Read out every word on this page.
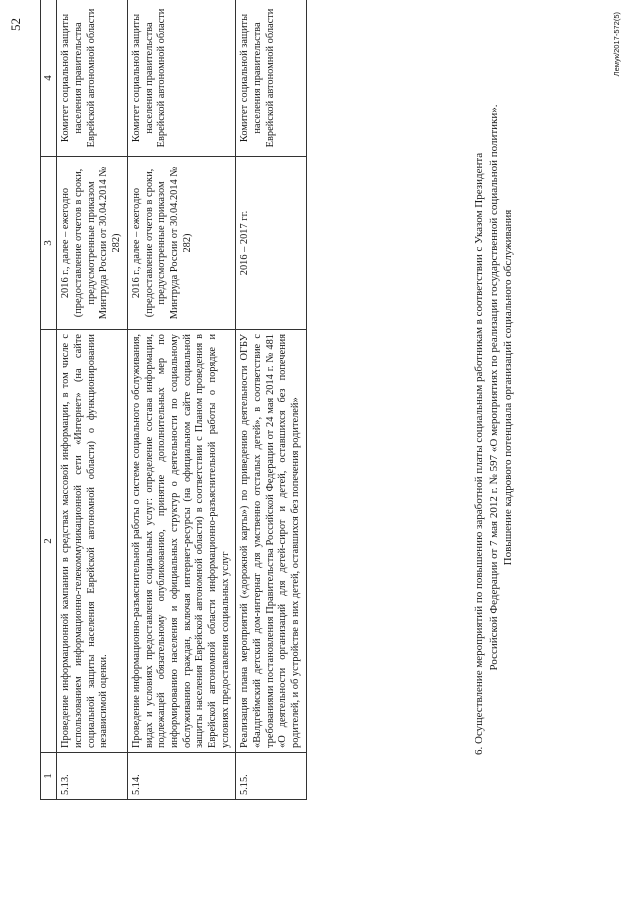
52
1	2	3	4
5.13.	Проведение информационной кампании в средствах массовой информации, в том числе с использованием информационно-телекоммуникационной сети «Интернет» (на сайте социальной защиты населения Еврейской автономной области) о функционировании независимой оценки.	2016 г., далее – ежегодно (предоставление отчетов в сроки, предусмотренные приказом Минтруда России от 30.04.2014 № 282)	Комитет социальной защиты населения правительства Еврейской автономной области
5.14.	Проведение информационно-разъяснительной работы о системе социального обслуживания, видах и условиях предоставления социальных услуг: определение состава информации, подлежащей обязательному опубликованию, принятие дополнительных мер по информированию населения и официальных структур о деятельности по социальному обслуживанию граждан, включая интернет-ресурсы (на официальном сайте социальной защиты населения Еврейской автономной области) в соответствии с Планом проведения в Еврейской автономной области информационно-разъяснительной работы о порядке и условиях предоставления социальных услуг	2016 г., далее – ежегодно (предоставление отчетов в сроки, предусмотренные приказом Минтруда России от 30.04.2014 № 282)	Комитет социальной защиты населения правительства Еврейской автономной области
5.15.	Реализация плана мероприятий («дорожной карты») по приведению деятельности ОГБУ «Валдгеймский детский дом-интернат для умственно отсталых детей», в соответствие с требованиями постановления Правительства Российской Федерации от 24 мая 2014 г. № 481 «О деятельности организаций для детей-сирот и детей, оставшихся без попечения родителей, и об устройстве в них детей, оставшихся без попечения родителей»	2016 – 2017 гг.	Комитет социальной защиты населения правительства Еврейской автономной области

6. Осуществление мероприятий по повышению заработной платы социальным работникам в соответствии с Указом Президента Российской Федерации от 7 мая 2012 г. № 597 «О мероприятиях по реализации государственной социальной политики». Повышение кадрового потенциала организаций социального обслуживания

Лемук/2017-572(5)
